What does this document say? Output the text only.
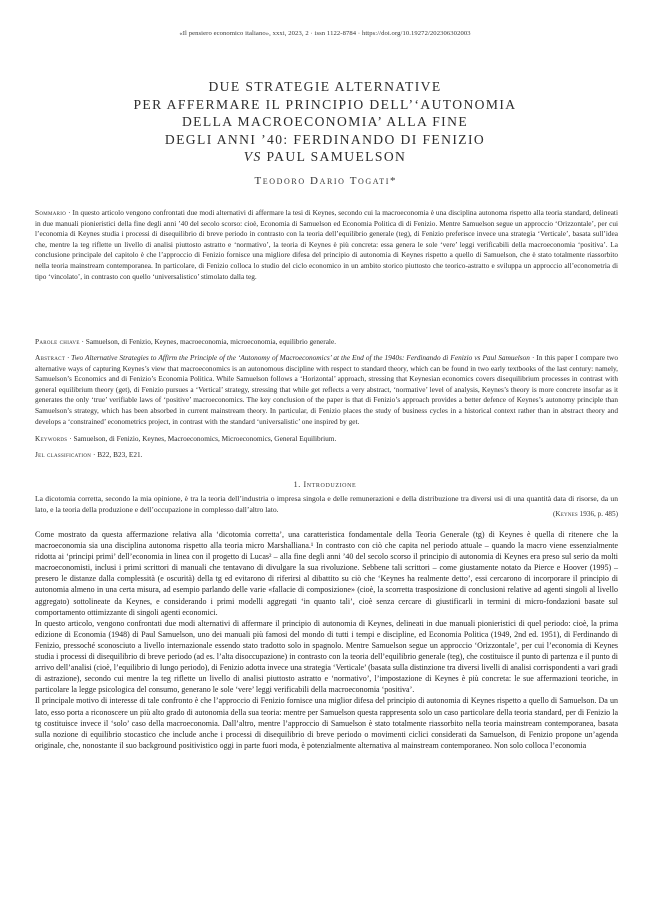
«Il pensiero economico italiano», xxxi, 2023, 2 · issn 1122-8784 · https://doi.org/10.19272/202306302003
DUE STRATEGIE ALTERNATIVE
PER AFFERMARE IL PRINCIPIO DELL’‘AUTONOMIA
DELLA MACROECONOMIA’ ALLA FINE
DEGLI ANNI ’40: FERDINANDO DI FENIZIO
VS PAUL SAMUELSON
Teodoro Dario Togati*
Sommario · In questo articolo vengono confrontati due modi alternativi di affermare la tesi di Keynes, secondo cui la macroeconomia è una disciplina autonoma rispetto alla teoria standard, delineati in due manuali pionieristici della fine degli anni ’40 del secolo scorso: cioè, Economia di Samuelson ed Economia Politica di di Fenizio. Mentre Samuelson segue un approccio ‘Orizzontale’, per cui l’economia di Keynes studia i processi di disequilibrio di breve periodo in contrasto con la teoria dell’equilibrio generale (teg), di Fenizio preferisce invece una strategia ‘Verticale’, basata sull’idea che, mentre la teg riflette un livello di analisi piuttosto astratto e ‘normativo’, la teoria di Keynes è più concreta: essa genera le sole ‘vere’ leggi verificabili della macroeconomia ‘positiva’. La conclusione principale del capitolo è che l’approccio di Fenizio fornisce una migliore difesa del principio di autonomia di Keynes rispetto a quello di Samuelson, che è stato totalmente riassorbito nella teoria mainstream contemporanea. In particolare, di Fenizio colloca lo studio del ciclo economico in un ambito storico piuttosto che teorico-astratto e sviluppa un approccio all’econometria di tipo ‘vincolato’, in contrasto con quello ‘universalistico’ stimolato dalla teg.
Parole chiave · Samuelson, di Fenizio, Keynes, macroeconomia, microeconomia, equilibrio generale.
Abstract · Two Alternative Strategies to Affirm the Principle of the ‘Autonomy of Macroeconomics’ at the End of the 1940s: Ferdinando di Fenizio vs Paul Samuelson · In this paper I compare two alternative ways of capturing Keynes’s view that macroeconomics is an autonomous discipline with respect to standard theory, which can be found in two early textbooks of the last century: namely, Samuelson’s Economics and di Fenizio’s Economia Politica. While Samuelson follows a ‘Horizontal’ approach, stressing that Keynesian economics covers disequilibrium processes in contrast with general equilibrium theory (get), di Fenizio pursues a ‘Vertical’ strategy, stressing that while get reflects a very abstract, ‘normative’ level of analysis, Keynes’s theory is more concrete insofar as it generates the only ‘true’ verifiable laws of ‘positive’ macroeconomics. The key conclusion of the paper is that di Fenizio’s approach provides a better defence of Keynes’s autonomy principle than Samuelson’s strategy, which has been absorbed in current mainstream theory. In particular, di Fenizio places the study of business cycles in a historical context rather than in abstract theory and develops a ‘constrained’ econometrics project, in contrast with the standard ‘universalistic’ one inspired by get.
Keywords · Samuelson, di Fenizio, Keynes, Macroeconomics, Microeconomics, General Equilibrium.
Jel classification · B22, B23, E21.
1. Introduzione
La dicotomia corretta, secondo la mia opinione, è tra la teoria dell’industria o impresa singola e delle remunerazioni e della distribuzione tra diversi usi di una quantità data di risorse, da un lato, e la teoria della produzione e dell’occupazione in complesso dall’altro lato.
(Keynes 1936, p. 485)

Come mostrato da questa affermazione relativa alla ‘dicotomia corretta’, una caratteristica fondamentale della Teoria Generale (tg) di Keynes è quella di ritenere che la macroeconomia sia una disciplina autonoma rispetto alla teoria micro Marshalliana.¹ In contrasto con ciò che capita nel periodo attuale – quando la macro viene essenzialmente ridotta ai ‘principi primi’ dell’economia in linea con il progetto di Lucas² – alla fine degli anni ’40 del secolo scorso il principio di autonomia di Keynes era preso sul serio da molti macroeconomisti, inclusi i primi scrittori di manuali che tentavano di divulgare la sua rivoluzione. Sebbene tali scrittori – come giustamente notato da Pierce e Hoover (1995) – presero le distanze dalla complessità (e oscurità) della tg ed evitarono di riferirsi al dibattito su ciò che ‘Keynes ha realmente detto’, essi cercarono di incorporare il principio di autonomia almeno in una certa misura, ad esempio parlando delle varie «fallacie di composizione» (cioè, la scorretta trasposizione di conclusioni relative ad agenti singoli al livello aggregato) sottolineate da Keynes, e considerando i primi modelli aggregati ‘in quanto tali’, cioè senza cercare di giustificarli in termini di micro-fondazioni basate sul comportamento ottimizzante di singoli agenti economici.

In questo articolo, vengono confrontati due modi alternativi di affermare il principio di autonomia di Keynes, delineati in due manuali pionieristici di quel periodo: cioè, la prima edizione di Economia (1948) di Paul Samuelson, uno dei manuali più famosi del mondo di tutti i tempi e discipline, ed Economia Politica (1949, 2nd ed. 1951), di Ferdinando di Fenizio, pressoché sconosciuto a livello internazionale essendo stato tradotto solo in spagnolo. Mentre Samuelson segue un approccio ‘Orizzontale’, per cui l’economia di Keynes studia i processi di disequilibrio di breve periodo (ad es. l’alta disoccupazione) in contrasto con la teoria dell’equilibrio generale (teg), che costituisce il punto di partenza e il punto di arrivo dell’analisi (cioè, l’equilibrio di lungo periodo), di Fenizio adotta invece una strategia ‘Verticale’ (basata sulla distinzione tra diversi livelli di analisi corrispondenti a vari gradi di astrazione), secondo cui mentre la teg riflette un livello di analisi piuttosto astratto e ‘normativo’, l’impostazione di Keynes è più concreta: le sue affermazioni teoriche, in particolare la legge psicologica del consumo, generano le sole ‘vere’ leggi verificabili della macroeconomia ‘positiva’.

Il principale motivo di interesse di tale confronto è che l’approccio di Fenizio fornisce una miglior difesa del principio di autonomia di Keynes rispetto a quello di Samuelson. Da un lato, esso porta a riconoscere un più alto grado di autonomia della sua teoria: mentre per Samuelson questa rappresenta solo un caso particolare della teoria standard, per di Fenizio la tg costituisce invece il ‘solo’ caso della macroeconomia. Dall’altro, mentre l’approccio di Samuelson è stato totalmente riassorbito nella teoria mainstream contemporanea, basata sulla nozione di equilibrio stocastico che include anche i processi di disequilibrio di breve periodo o movimenti ciclici considerati da Samuelson, di Fenizio propone un’agenda originale, che, nonostante il suo background positivistico oggi in parte fuori moda, è potenzialmente alternativa al mainstream contemporaneo. Non solo colloca l’economia
